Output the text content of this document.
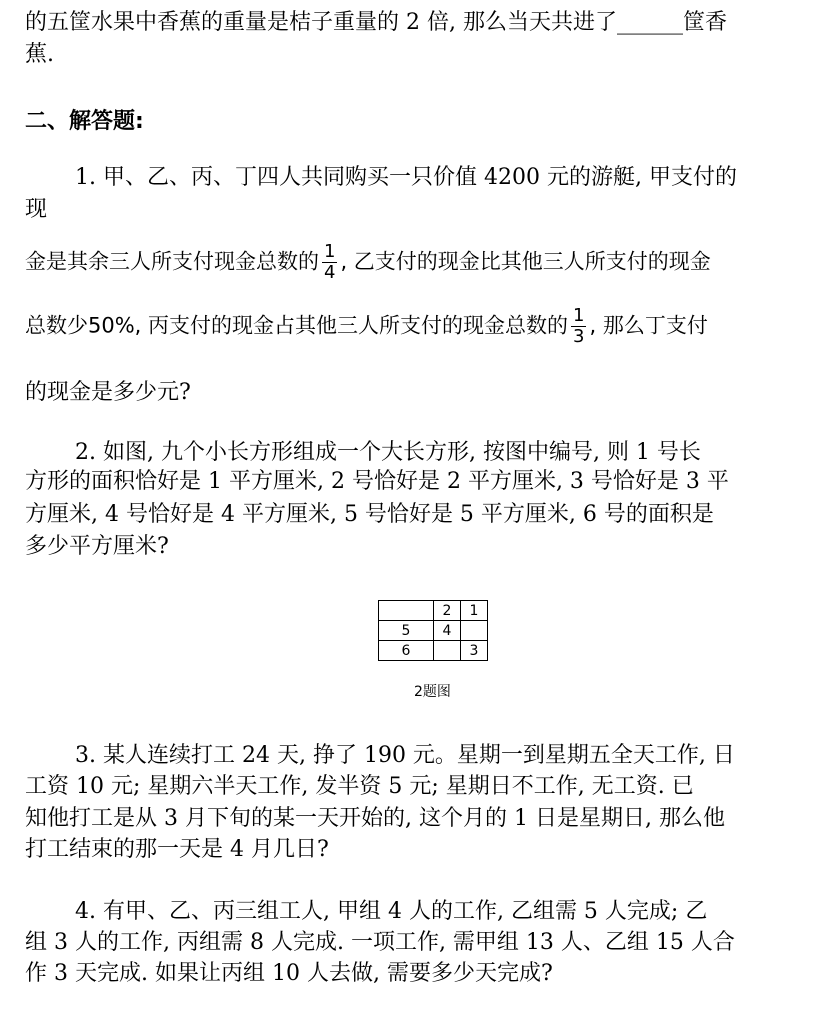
的五筐水果中香蕉的重量是桔子重量的 2 倍, 那么当天共进了______筐香
蕉.
二、解答题:
1. 甲、乙、丙、丁四人共同购买一只价值 4200 元的游艇, 甲支付的
现
金是其余三人所支付现金总数的 $\frac{1}{4}$ , 乙支付的现金比其他三人所支付的现金
总数少50%, 丙支付的现金占其他三人所支付的现金总数的 $\frac{1}{3}$ , 那么丁支付
的现金是多少元?
2. 如图, 九个小长方形组成一个大长方形, 按图中编号, 则 1 号长
方形的面积恰好是 1 平方厘米, 2 号恰好是 2 平方厘米, 3 号恰好是 3 平
方厘米, 4 号恰好是 4 平方厘米, 5 号恰好是 5 平方厘米, 6 号的面积是
多少平方厘米?
	2	1
5	4	
6		3
2题图
3. 某人连续打工 24 天, 挣了 190 元。星期一到星期五全天工作, 日
工资 10 元; 星期六半天工作, 发半资 5 元; 星期日不工作, 无工资. 已
知他打工是从 3 月下旬的某一天开始的, 这个月的 1 日是星期日, 那么他
打工结束的那一天是 4 月几日?
4. 有甲、乙、丙三组工人, 甲组 4 人的工作, 乙组需 5 人完成; 乙
组 3 人的工作, 丙组需 8 人完成. 一项工作, 需甲组 13 人、乙组 15 人合
作 3 天完成. 如果让丙组 10 人去做, 需要多少天完成?
